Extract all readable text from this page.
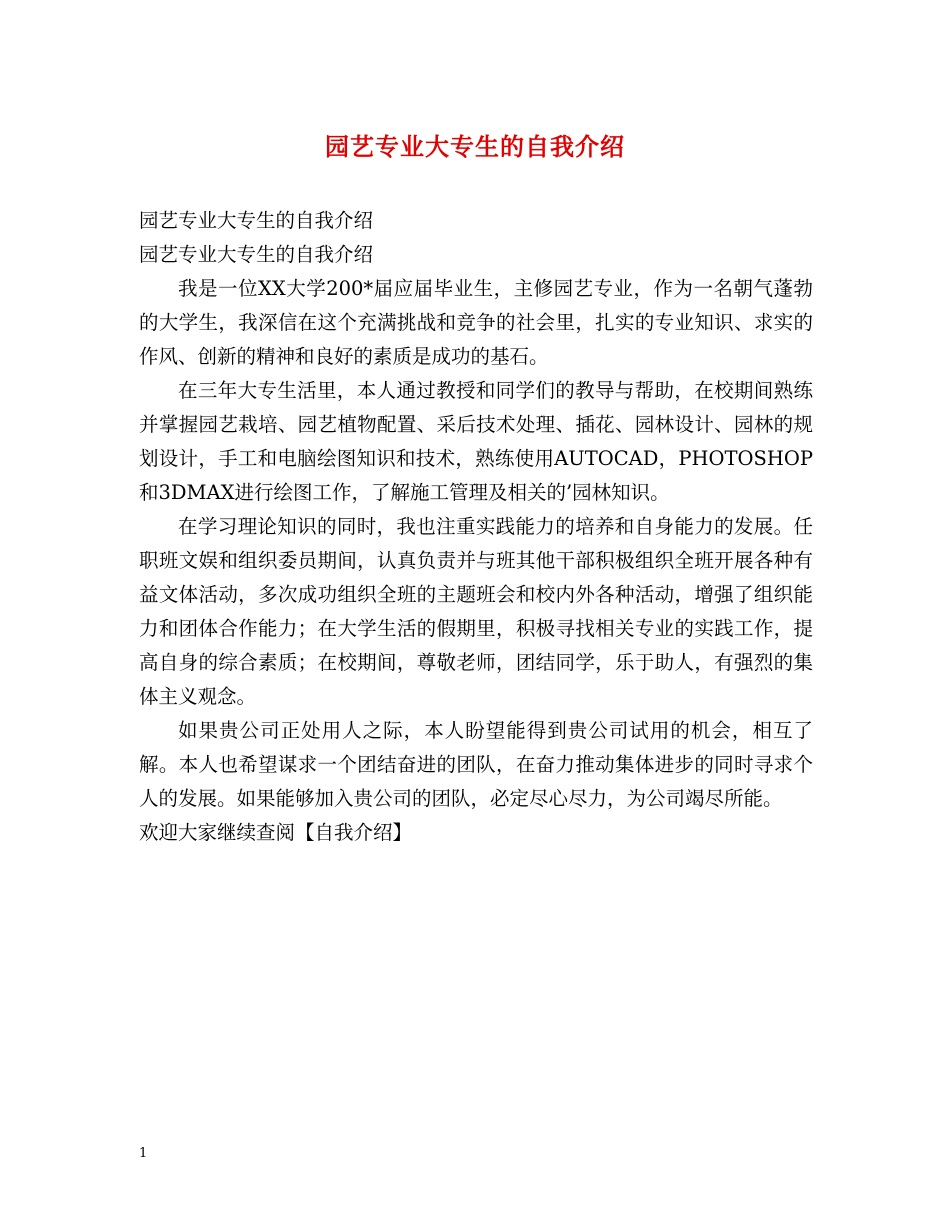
园艺专业大专生的自我介绍

园艺专业大专生的自我介绍

园艺专业大专生的自我介绍

我是一位XX大学200*届应届毕业生，主修园艺专业，作为一名朝气蓬勃的大学生，我深信在这个充满挑战和竞争的社会里，扎实的专业知识、求实的作风、创新的精神和良好的素质是成功的基石。

在三年大专生活里，本人通过教授和同学们的教导与帮助，在校期间熟练并掌握园艺栽培、园艺植物配置、采后技术处理、插花、园林设计、园林的规划设计，手工和电脑绘图知识和技术，熟练使用AUTOCAD，PHOTOSHOP和3DMAX进行绘图工作，了解施工管理及相关的’园林知识。

在学习理论知识的同时，我也注重实践能力的培养和自身能力的发展。任职班文娱和组织委员期间，认真负责并与班其他干部积极组织全班开展各种有益文体活动，多次成功组织全班的主题班会和校内外各种活动，增强了组织能力和团体合作能力；在大学生活的假期里，积极寻找相关专业的实践工作，提高自身的综合素质；在校期间，尊敬老师，团结同学，乐于助人，有强烈的集体主义观念。

如果贵公司正处用人之际，本人盼望能得到贵公司试用的机会，相互了解。本人也希望谋求一个团结奋进的团队，在奋力推动集体进步的同时寻求个人的发展。如果能够加入贵公司的团队，必定尽心尽力，为公司竭尽所能。

欢迎大家继续查阅【自我介绍】

1
